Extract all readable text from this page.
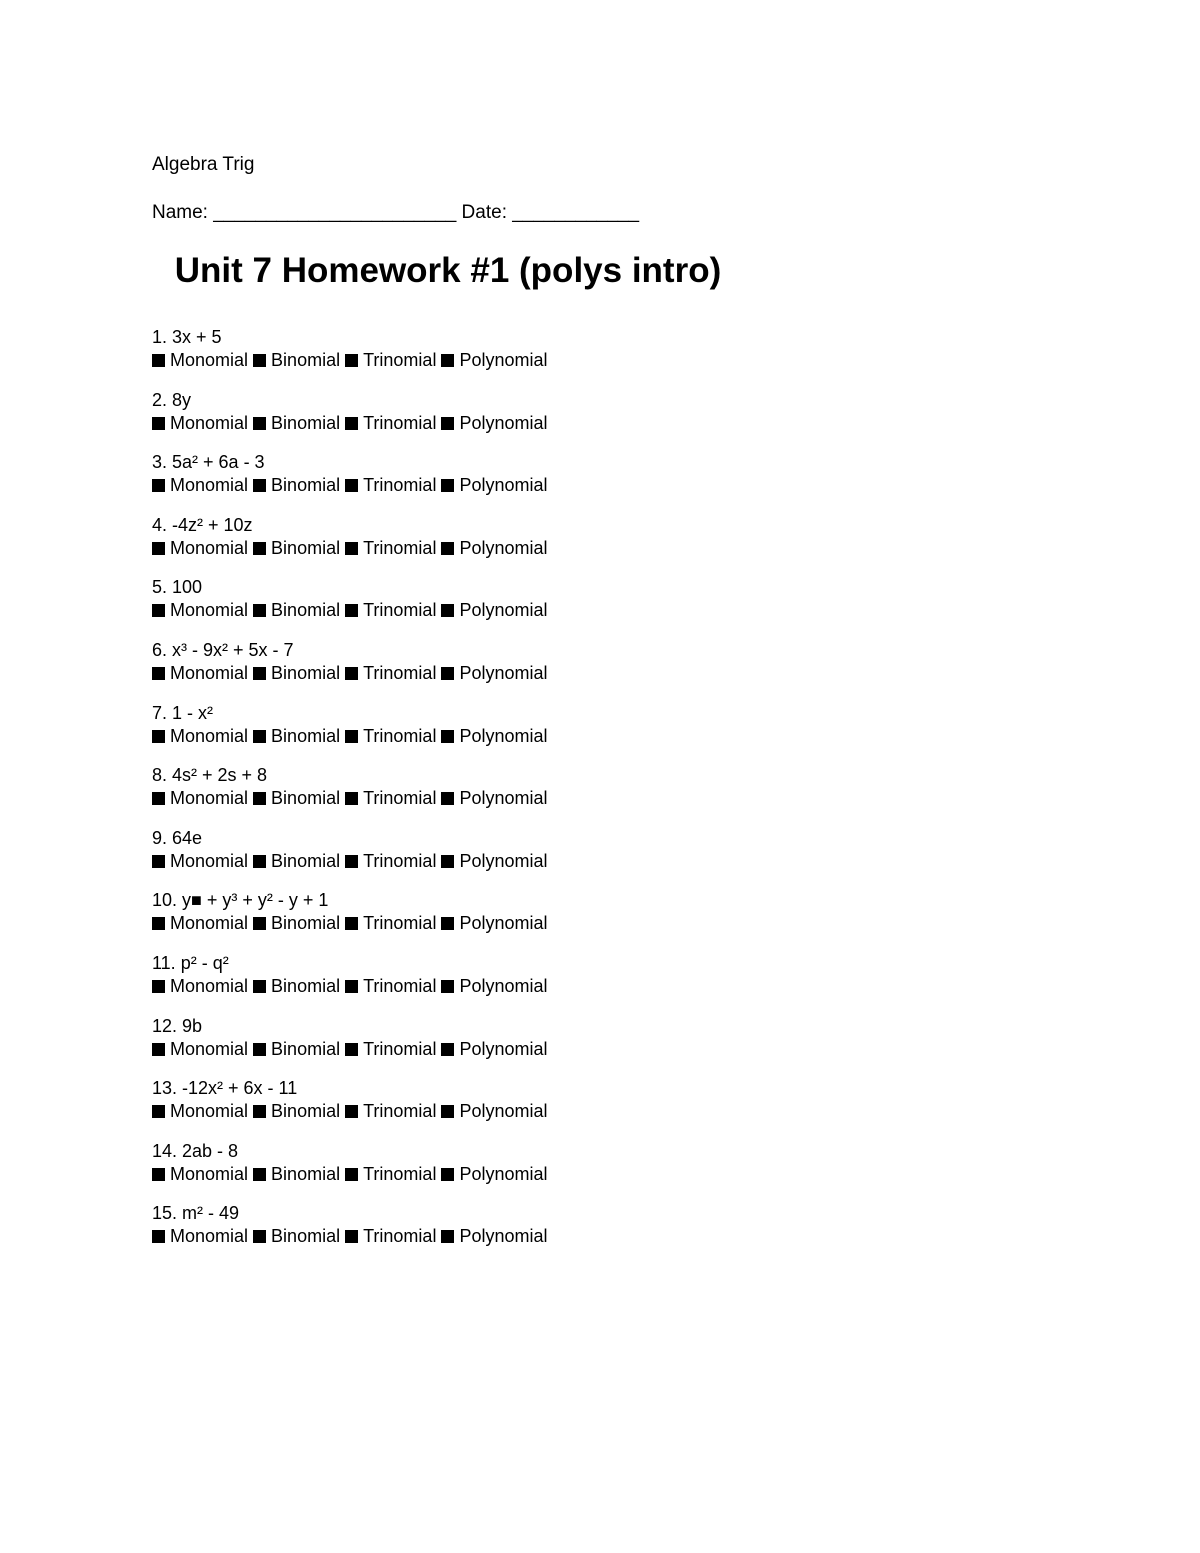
Algebra Trig
Name: _______________________ Date: ____________
Unit 7 Homework #1 (polys intro)
1. 3x + 5
Monomial Binomial Trinomial Polynomial
2. 8y
Monomial Binomial Trinomial Polynomial
3. 5a² + 6a - 3
Monomial Binomial Trinomial Polynomial
4. -4z² + 10z
Monomial Binomial Trinomial Polynomial
5. 100
Monomial Binomial Trinomial Polynomial
6. x³ - 9x² + 5x - 7
Monomial Binomial Trinomial Polynomial
7. 1 - x²
Monomial Binomial Trinomial Polynomial
8. 4s² + 2s + 8
Monomial Binomial Trinomial Polynomial
9. 64e
Monomial Binomial Trinomial Polynomial
10. y■ + y³ + y² - y + 1
Monomial Binomial Trinomial Polynomial
11. p² - q²
Monomial Binomial Trinomial Polynomial
12. 9b
Monomial Binomial Trinomial Polynomial
13. -12x² + 6x - 11
Monomial Binomial Trinomial Polynomial
14. 2ab - 8
Monomial Binomial Trinomial Polynomial
15. m² - 49
Monomial Binomial Trinomial Polynomial
